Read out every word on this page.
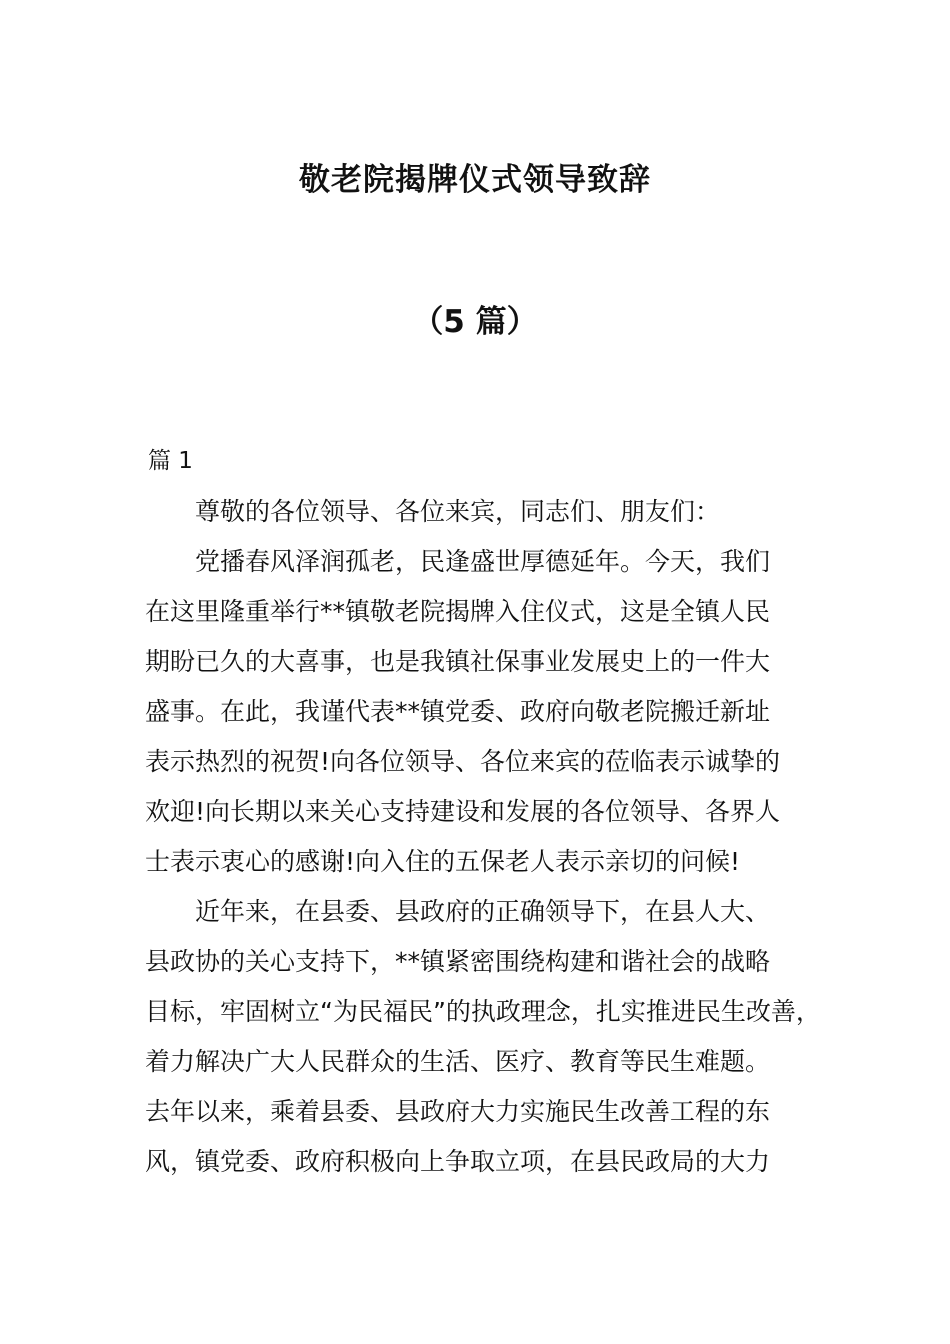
敬老院揭牌仪式领导致辞
（5 篇）
篇 1
尊敬的各位领导、各位来宾，同志们、朋友们：
党播春风泽润孤老，民逢盛世厚德延年。今天，我们
在这里隆重举行**镇敬老院揭牌入住仪式，这是全镇人民
期盼已久的大喜事，也是我镇社保事业发展史上的一件大
盛事。在此，我谨代表**镇党委、政府向敬老院搬迁新址
表示热烈的祝贺!向各位领导、各位来宾的莅临表示诚挚的
欢迎!向长期以来关心支持建设和发展的各位领导、各界人
士表示衷心的感谢!向入住的五保老人表示亲切的问候!
近年来，在县委、县政府的正确领导下，在县人大、
县政协的关心支持下，**镇紧密围绕构建和谐社会的战略
目标，牢固树立“为民福民”的执政理念，扎实推进民生改善，
着力解决广大人民群众的生活、医疗、教育等民生难题。
去年以来，乘着县委、县政府大力实施民生改善工程的东
风，镇党委、政府积极向上争取立项，在县民政局的大力
